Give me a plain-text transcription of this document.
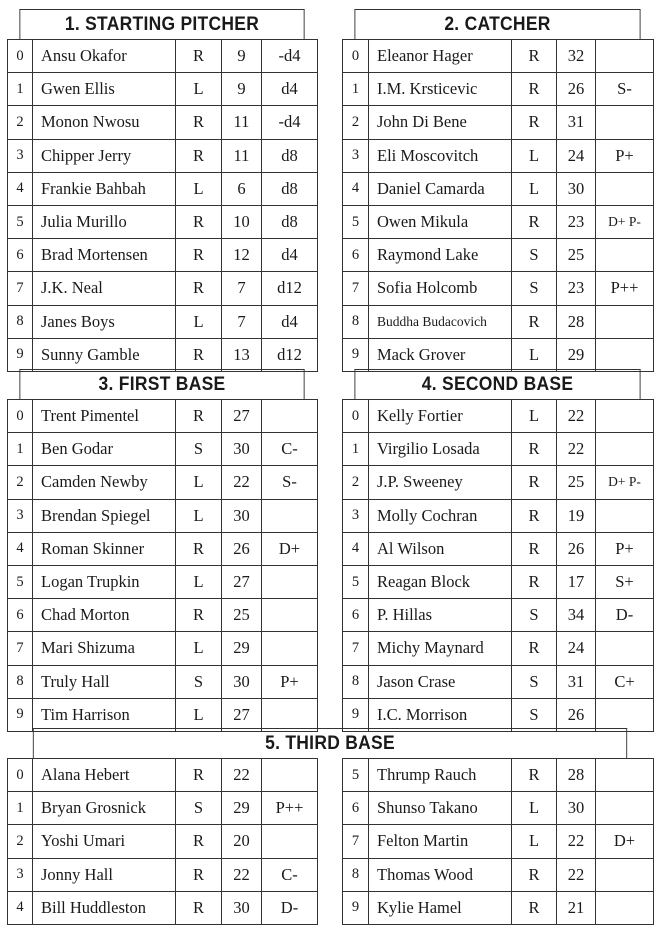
1. STARTING PITCHER
0	Ansu Okafor	R	9	-d4
1	Gwen Ellis	L	9	d4
2	Monon Nwosu	R	11	-d4
3	Chipper Jerry	R	11	d8
4	Frankie Bahbah	L	6	d8
5	Julia Murillo	R	10	d8
6	Brad Mortensen	R	12	d4
7	J.K. Neal	R	7	d12
8	Janes Boys	L	7	d4
9	Sunny Gamble	R	13	d12
2. CATCHER
0	Eleanor Hager	R	32	
1	I.M. Krsticevic	R	26	S-
2	John Di Bene	R	31	
3	Eli Moscovitch	L	24	P+
4	Daniel Camarda	L	30	
5	Owen Mikula	R	23	D+ P-
6	Raymond Lake	S	25	
7	Sofia Holcomb	S	23	P++
8	Buddha Budacovich	R	28	
9	Mack Grover	L	29	
3. FIRST BASE
0	Trent Pimentel	R	27	
1	Ben Godar	S	30	C-
2	Camden Newby	L	22	S-
3	Brendan Spiegel	L	30	
4	Roman Skinner	R	26	D+
5	Logan Trupkin	L	27	
6	Chad Morton	R	25	
7	Mari Shizuma	L	29	
8	Truly Hall	S	30	P+
9	Tim Harrison	L	27	
4. SECOND BASE
0	Kelly Fortier	L	22	
1	Virgilio Losada	R	22	
2	J.P. Sweeney	R	25	D+ P-
3	Molly Cochran	R	19	
4	Al Wilson	R	26	P+
5	Reagan Block	R	17	S+
6	P. Hillas	S	34	D-
7	Michy Maynard	R	24	
8	Jason Crase	S	31	C+
9	I.C. Morrison	S	26	
5. THIRD BASE
0	Alana Hebert	R	22			5	Thrump Rauch	R	28	
1	Bryan Grosnick	S	29	P++		6	Shunso Takano	L	30	
2	Yoshi Umari	R	20			7	Felton Martin	L	22	D+
3	Jonny Hall	R	22	C-		8	Thomas Wood	R	22	
4	Bill Huddleston	R	30	D-		9	Kylie Hamel	R	21	
